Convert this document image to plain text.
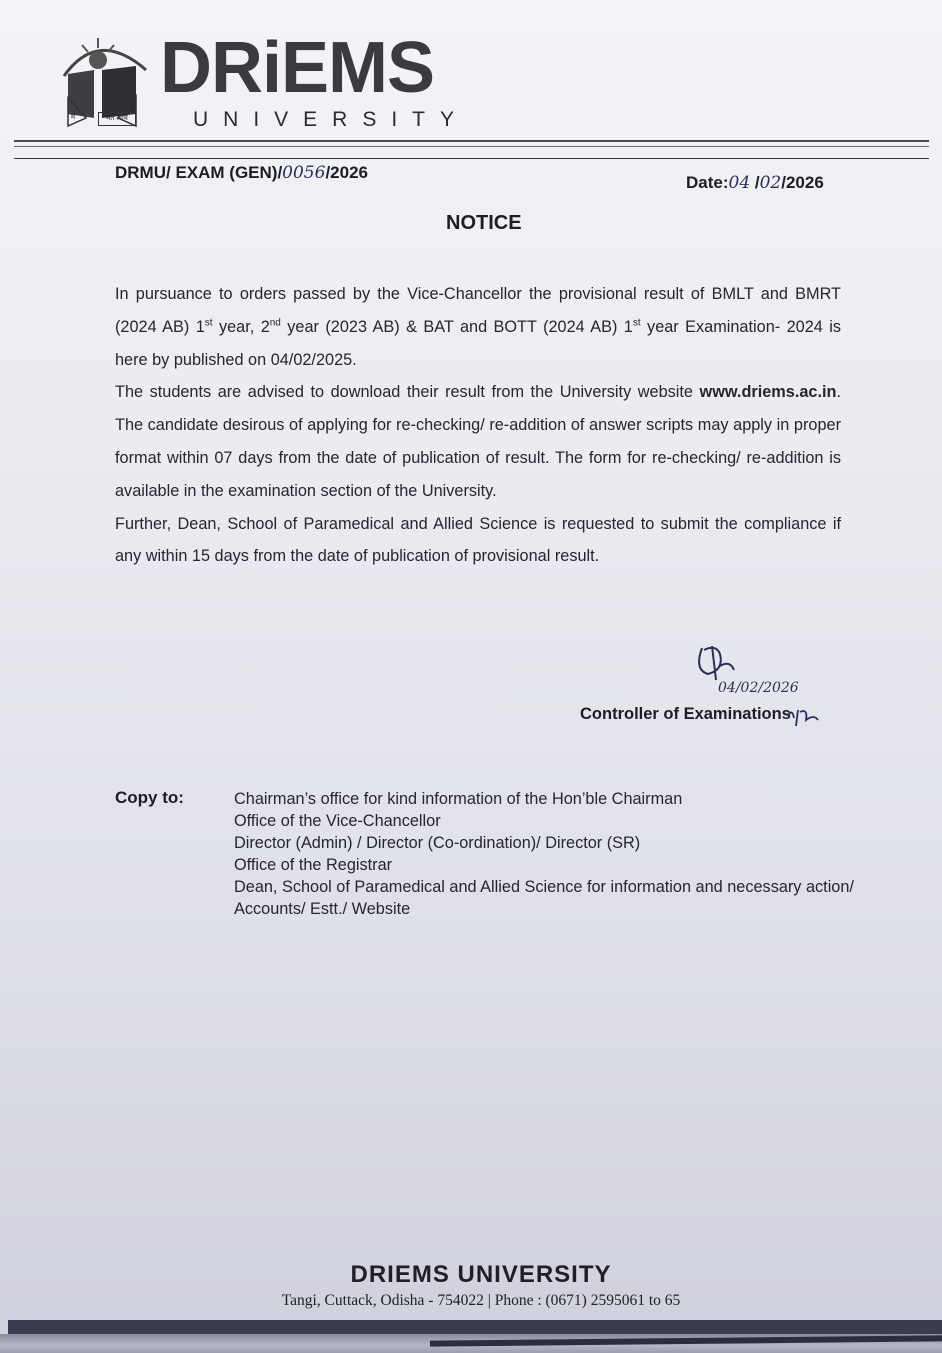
म	मते त्वयि
DRiEMS
UNIVERSITY
DRMU/ EXAM (GEN)/0056/2026
Date:04 /02/2026
NOTICE

In pursuance to orders passed by the Vice-Chancellor the provisional result of BMLT and BMRT (2024 AB) 1st year, 2nd year (2023 AB) & BAT and BOTT (2024 AB) 1st year Examination- 2024 is here by published on 04/02/2025.

The students are advised to download their result from the University website www.driems.ac.in. The candidate desirous of applying for re-checking/ re-addition of answer scripts may apply in proper format within 07 days from the date of publication of result. The form for re-checking/ re-addition is available in the examination section of the University.

Further, Dean, School of Paramedical and Allied Science is requested to submit the compliance if any within 15 days from the date of publication of provisional result.

04/02/2026
Controller of Examinations
Copy to:	Chairman’s office for kind information of the Hon’ble Chairman
Office of the Vice-Chancellor
Director (Admin) / Director (Co-ordination)/ Director (SR)
Office of the Registrar
Dean, School of Paramedical and Allied Science for information and necessary action/
Accounts/ Estt./ Website
DRIEMS UNIVERSITY
Tangi, Cuttack, Odisha - 754022 | Phone : (0671) 2595061 to 65
